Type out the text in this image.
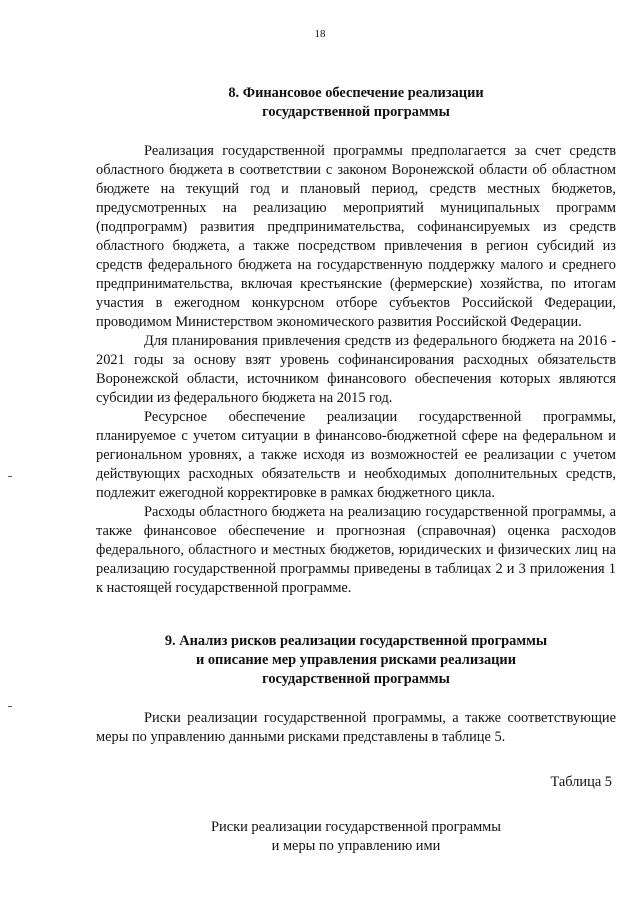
18
8. Финансовое обеспечение реализации
государственной программы

Реализация государственной программы предполагается за счет средств областного бюджета в соответствии с законом Воронежской области об областном бюджете на текущий год и плановый период, средств местных бюджетов, предусмотренных на реализацию мероприятий муниципальных программ (подпрограмм) развития предпринимательства, софинансируемых из средств областного бюджета, а также посредством привлечения в регион субсидий из средств федерального бюджета на государственную поддержку малого и среднего предпринимательства, включая крестьянские (фермерские) хозяйства, по итогам участия в ежегодном конкурсном отборе субъектов Российской Федерации, проводимом Министерством экономического развития Российской Федерации.

Для планирования привлечения средств из федерального бюджета на 2016 - 2021 годы за основу взят уровень софинансирования расходных обязательств Воронежской области, источником финансового обеспечения которых являются субсидии из федерального бюджета на 2015 год.

Ресурсное обеспечение реализации государственной программы, планируемое с учетом ситуации в финансово-бюджетной сфере на федеральном и региональном уровнях, а также исходя из возможностей ее реализации с учетом действующих расходных обязательств и необходимых дополнительных средств, подлежит ежегодной корректировке в рамках бюджетного цикла.

Расходы областного бюджета на реализацию государственной программы, а также финансовое обеспечение и прогнозная (справочная) оценка расходов федерального, областного и местных бюджетов, юридических и физических лиц на реализацию государственной программы приведены в таблицах 2 и 3 приложения 1 к настоящей государственной программе.

9. Анализ рисков реализации государственной программы
и описание мер управления рисками реализации
государственной программы

Риски реализации государственной программы, а также соответствующие меры по управлению данными рисками представлены в таблице 5.

Таблица 5
Риски реализации государственной программы
и меры по управлению ими
